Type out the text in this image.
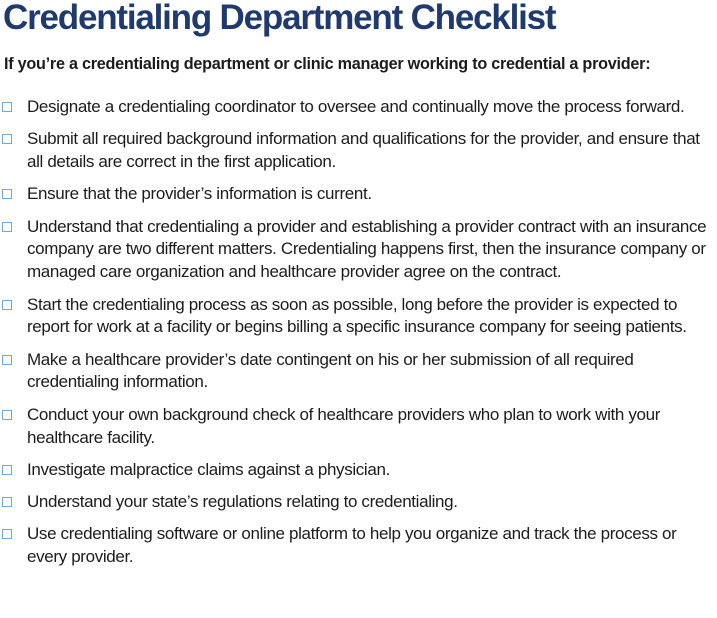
Credentialing Department Checklist

If you’re a credentialing department or clinic manager working to credential a provider:

Designate a credentialing coordinator to oversee and continually move the process forward.
Submit all required background information and qualifications for the provider, and ensure that all details are correct in the first application.
Ensure that the provider’s information is current.
Understand that credentialing a provider and establishing a provider contract with an insurance company are two different matters. Credentialing happens first, then the insurance company or managed care organization and healthcare provider agree on the contract.
Start the credentialing process as soon as possible, long before the provider is expected to report for work at a facility or begins billing a specific insurance company for seeing patients.
Make a healthcare provider’s date contingent on his or her submission of all required credentialing information.
Conduct your own background check of healthcare providers who plan to work with your healthcare facility.
Investigate malpractice claims against a physician.
Understand your state’s regulations relating to credentialing.
Use credentialing software or online platform to help you organize and track the process or every provider.
